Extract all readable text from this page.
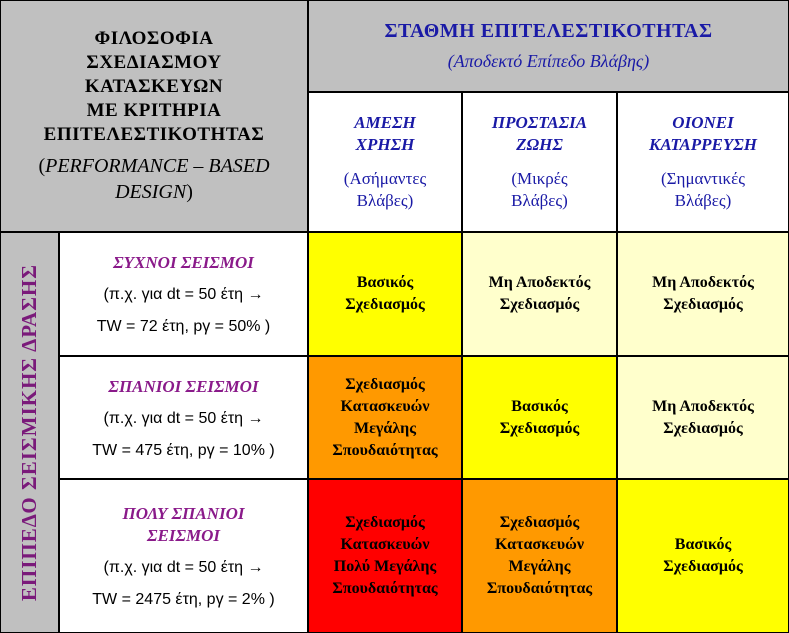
ΦΙΛΟΣΟΦΙΑ
ΣΧΕΔΙΑΣΜΟΥ
ΚΑΤΑΣΚΕΥΩΝ
ΜΕ ΚΡΙΤΗΡΙΑ
ΕΠΙΤΕΛΕΣΤΙΚΟΤΗΤΑΣ
(PERFORMANCE – BASED
DESIGN)
ΣΤΑΘΜΗ ΕΠΙΤΕΛΕΣΤΙΚΟΤΗΤΑΣ
(Αποδεκτό Επίπεδο Βλάβης)
ΑΜΕΣΗ
ΧΡΗΣΗ
(Ασήμαντες
Βλάβες)
ΠΡΟΣΤΑΣΙΑ
ΖΩΗΣ
(Μικρές
Βλάβες)
ΟΙΟΝΕΙ
ΚΑΤΑΡΡΕΥΣΗ
(Σημαντικές
Βλάβες)
ΕΠΙΠΕΔΟ ΣΕΙΣΜΙΚΗΣ ΔΡΑΣΗΣ
ΣΥΧΝΟΙ ΣΕΙΣΜΟΙ
(π.χ. για dt = 50 έτη →
TW = 72 έτη, pγ = 50% )
ΣΠΑΝΙΟΙ ΣΕΙΣΜΟΙ
(π.χ. για dt = 50 έτη →
TW = 475 έτη, pγ = 10% )
ΠΟΛΥ ΣΠΑΝΙΟΙ
ΣΕΙΣΜΟΙ
(π.χ. για dt = 50 έτη →
TW = 2475 έτη, pγ = 2% )
Βασικός
Σχεδιασμός
Μη Αποδεκτός
Σχεδιασμός
Μη Αποδεκτός
Σχεδιασμός
Σχεδιασμός
Κατασκευών
Μεγάλης
Σπουδαιότητας
Βασικός
Σχεδιασμός
Μη Αποδεκτός
Σχεδιασμός
Σχεδιασμός
Κατασκευών
Πολύ Μεγάλης
Σπουδαιότητας
Σχεδιασμός
Κατασκευών
Μεγάλης
Σπουδαιότητας
Βασικός
Σχεδιασμός
